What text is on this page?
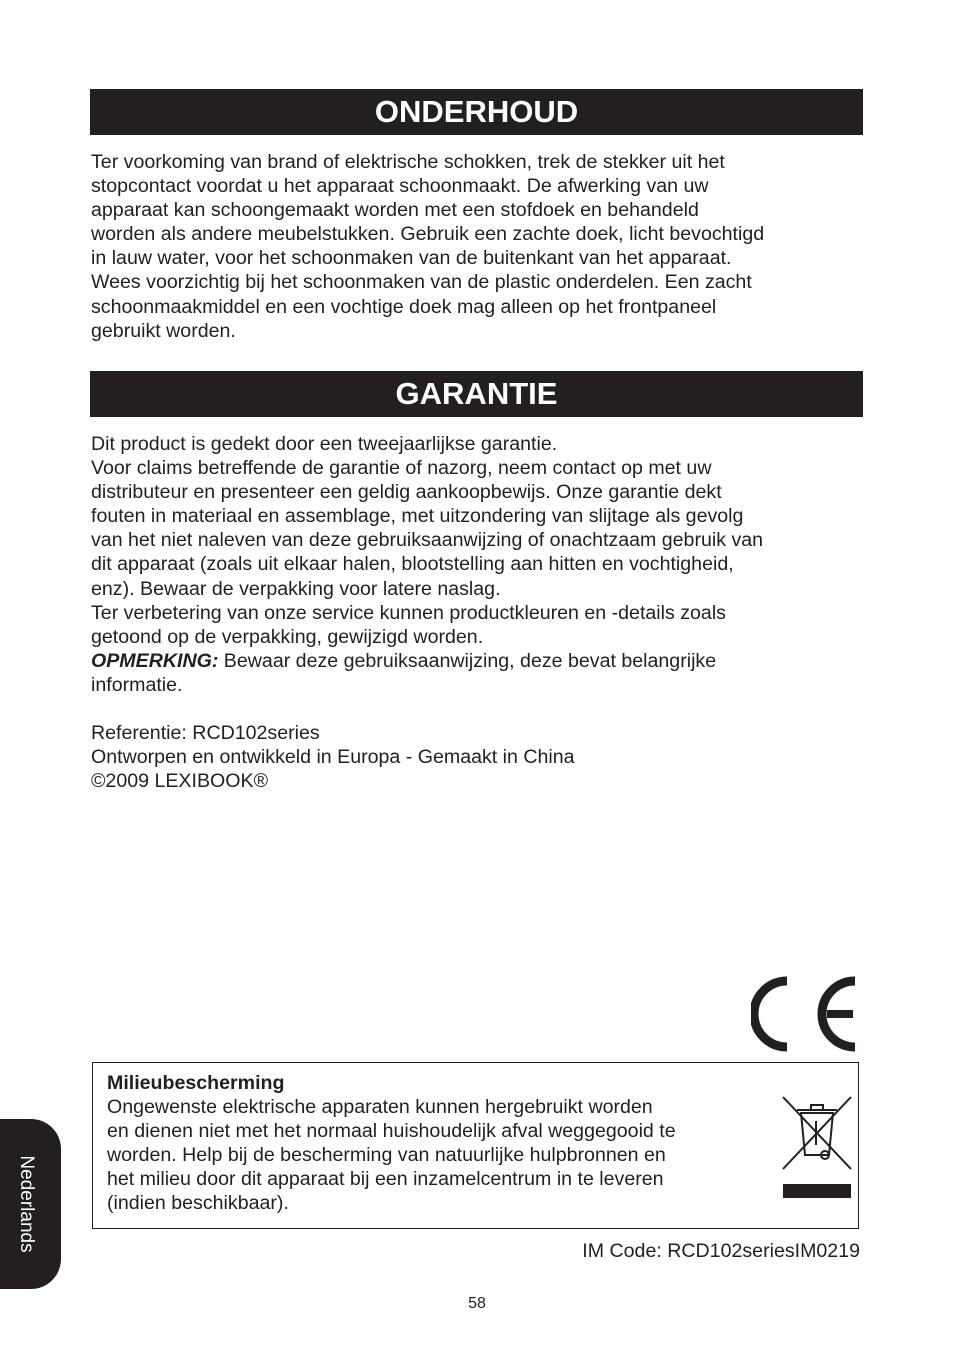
ONDERHOUD

Ter voorkoming van brand of elektrische schokken, trek de stekker uit het

stopcontact voordat u het apparaat schoonmaakt. De afwerking van uw

apparaat kan schoongemaakt worden met een stofdoek en behandeld

worden als andere meubelstukken. Gebruik een zachte doek, licht bevochtigd

in lauw water, voor het schoonmaken van de buitenkant van het apparaat.

Wees voorzichtig bij het schoonmaken van de plastic onderdelen. Een zacht

schoonmaakmiddel en een vochtige doek mag alleen op het frontpaneel

gebruikt worden.

GARANTIE

Dit product is gedekt door een tweejaarlijkse garantie.

Voor claims betreffende de garantie of nazorg, neem contact op met uw

distributeur en presenteer een geldig aankoopbewijs. Onze garantie dekt

fouten in materiaal en assemblage, met uitzondering van slijtage als gevolg

van het niet naleven van deze gebruiksaanwijzing of onachtzaam gebruik van

dit apparaat (zoals uit elkaar halen, blootstelling aan hitten en vochtigheid,

enz). Bewaar de verpakking voor latere naslag.

Ter verbetering van onze service kunnen productkleuren en -details zoals

getoond op de verpakking, gewijzigd worden.

OPMERKING: Bewaar deze gebruiksaanwijzing, deze bevat belangrijke

informatie.

Referentie: RCD102series

Ontworpen en ontwikkeld in Europa - Gemaakt in China

©2009 LEXIBOOK®

Milieubescherming
Ongewenste elektrische apparaten kunnen hergebruikt worden
en dienen niet met het normaal huishoudelijk afval weggegooid te
worden. Help bij de bescherming van natuurlijke hulpbronnen en
het milieu door dit apparaat bij een inzamelcentrum in te leveren
(indien beschikbaar).
IM Code: RCD102seriesIM0219
Nederlands
58
